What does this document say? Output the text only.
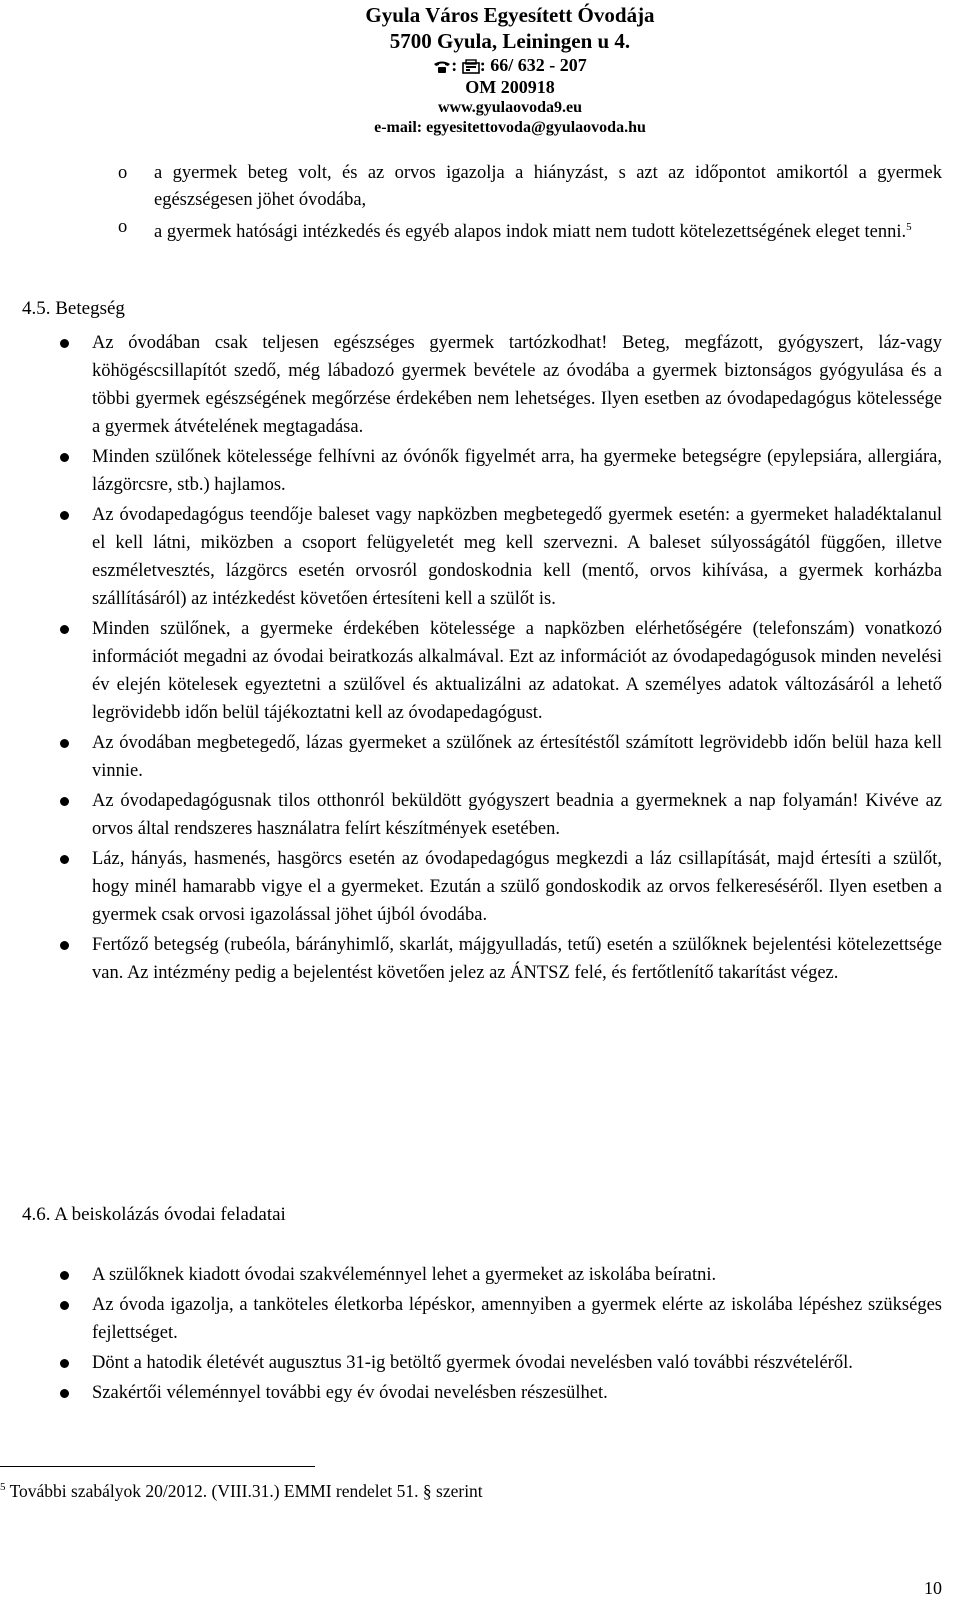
Gyula Város Egyesített Óvodája
5700 Gyula, Leiningen u 4.
: : 66/ 632 - 207
OM 200918
www.gyulaovoda9.eu
e-mail: egyesitettovoda@gyulaovoda.hu
o a gyermek beteg volt, és az orvos igazolja a hiányzást, s azt az időpontot amikortól a gyermek egészségesen jöhet óvodába,
o a gyermek hatósági intézkedés és egyéb alapos indok miatt nem tudott kötelezettségének eleget tenni.$^5$
4.5. Betegség
Az óvodában csak teljesen egészséges gyermek tartózkodhat! Beteg, megfázott, gyógyszert, láz-vagy köhögéscsillapítót szedő, még lábadozó gyermek bevétele az óvodába a gyermek biztonságos gyógyulása és a többi gyermek egészségének megőrzése érdekében nem lehetséges. Ilyen esetben az óvodapedagógus kötelessége a gyermek átvételének megtagadása.
Minden szülőnek kötelessége felhívni az óvónők figyelmét arra, ha gyermeke betegségre (epylepsiára, allergiára, lázgörcsre, stb.) hajlamos.
Az óvodapedagógus teendője baleset vagy napközben megbetegedő gyermek esetén: a gyermeket haladéktalanul el kell látni, miközben a csoport felügyeletét meg kell szervezni. A baleset súlyosságától függően, illetve eszméletvesztés, lázgörcs esetén orvosról gondoskodnia kell (mentő, orvos kihívása, a gyermek korházba szállításáról) az intézkedést követően értesíteni kell a szülőt is.
Minden szülőnek, a gyermeke érdekében kötelessége a napközben elérhetőségére (telefonszám) vonatkozó információt megadni az óvodai beiratkozás alkalmával. Ezt az információt az óvodapedagógusok minden nevelési év elején kötelesek egyeztetni a szülővel és aktualizálni az adatokat. A személyes adatok változásáról a lehető legrövidebb időn belül tájékoztatni kell az óvodapedagógust.
Az óvodában megbetegedő, lázas gyermeket a szülőnek az értesítéstől számított legrövidebb időn belül haza kell vinnie.
Az óvodapedagógusnak tilos otthonról beküldött gyógyszert beadnia a gyermeknek a nap folyamán! Kivéve az orvos által rendszeres használatra felírt készítmények esetében.
Láz, hányás, hasmenés, hasgörcs esetén az óvodapedagógus megkezdi a láz csillapítását, majd értesíti a szülőt, hogy minél hamarabb vigye el a gyermeket. Ezután a szülő gondoskodik az orvos felkereséséről. Ilyen esetben a gyermek csak orvosi igazolással jöhet újból óvodába.
Fertőző betegség (rubeóla, bárányhimlő, skarlát, májgyulladás, tetű) esetén a szülőknek bejelentési kötelezettsége van. Az intézmény pedig a bejelentést követően jelez az ÁNTSZ felé, és fertőtlenítő takarítást végez.
4.6. A beiskolázás óvodai feladatai
A szülőknek kiadott óvodai szakvéleménnyel lehet a gyermeket az iskolába beíratni.
Az óvoda igazolja, a tanköteles életkorba lépéskor, amennyiben a gyermek elérte az iskolába lépéshez szükséges fejlettséget.
Dönt a hatodik életévét augusztus 31-ig betöltő gyermek óvodai nevelésben való további részvételéről.
Szakértői véleménnyel további egy év óvodai nevelésben részesülhet.
$^5$ További szabályok 20/2012. (VIII.31.) EMMI rendelet 51. § szerint
10
